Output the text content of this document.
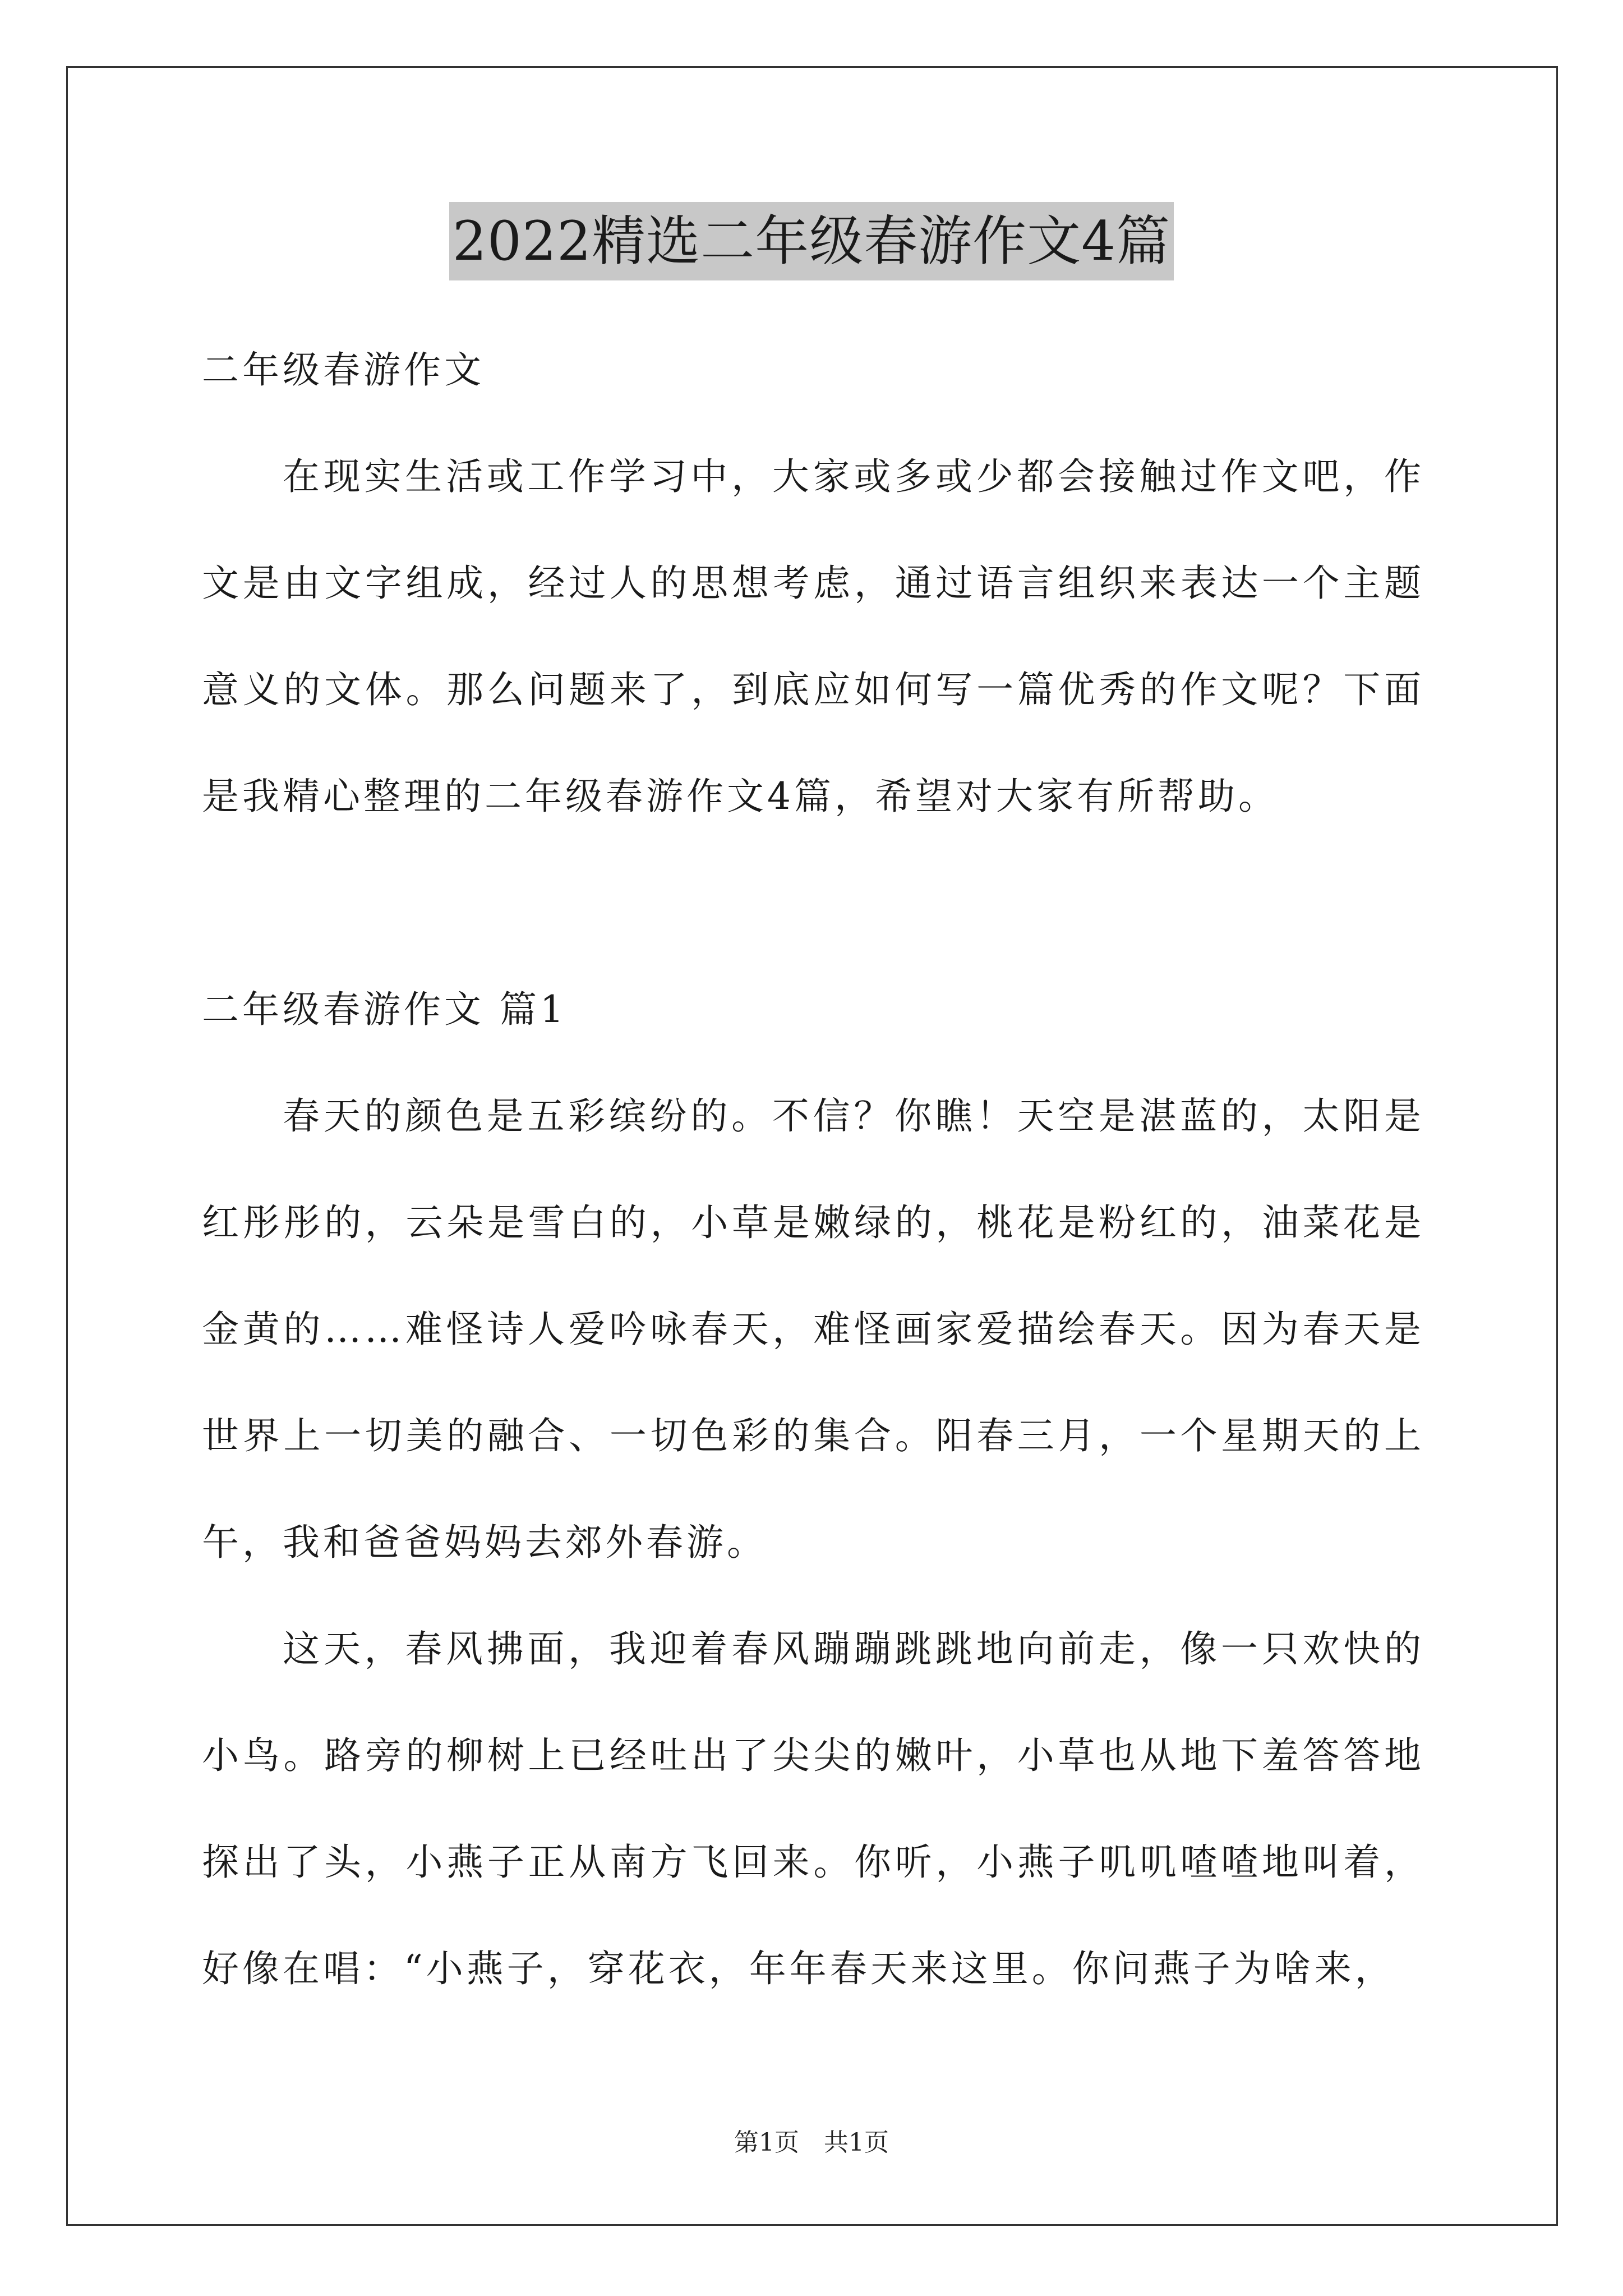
2022精选二年级春游作文4篇

二年级春游作文

在现实生活或工作学习中，大家或多或少都会接触过作文吧，作文是由文字组成，经过人的思想考虑，通过语言组织来表达一个主题意义的文体。那么问题来了，到底应如何写一篇优秀的作文呢？下面是我精心整理的二年级春游作文4篇，希望对大家有所帮助。

二年级春游作文 篇1

春天的颜色是五彩缤纷的。不信？你瞧！天空是湛蓝的，太阳是红彤彤的，云朵是雪白的，小草是嫩绿的，桃花是粉红的，油菜花是金黄的……难怪诗人爱吟咏春天，难怪画家爱描绘春天。因为春天是世界上一切美的融合、一切色彩的集合。阳春三月，一个星期天的上午，我和爸爸妈妈去郊外春游。

这天，春风拂面，我迎着春风蹦蹦跳跳地向前走，像一只欢快的小鸟。路旁的柳树上已经吐出了尖尖的嫩叶，小草也从地下羞答答地探出了头，小燕子正从南方飞回来。你听，小燕子叽叽喳喳地叫着，好像在唱：“小燕子，穿花衣，年年春天来这里。你问燕子为啥来，

第1页　共1页
